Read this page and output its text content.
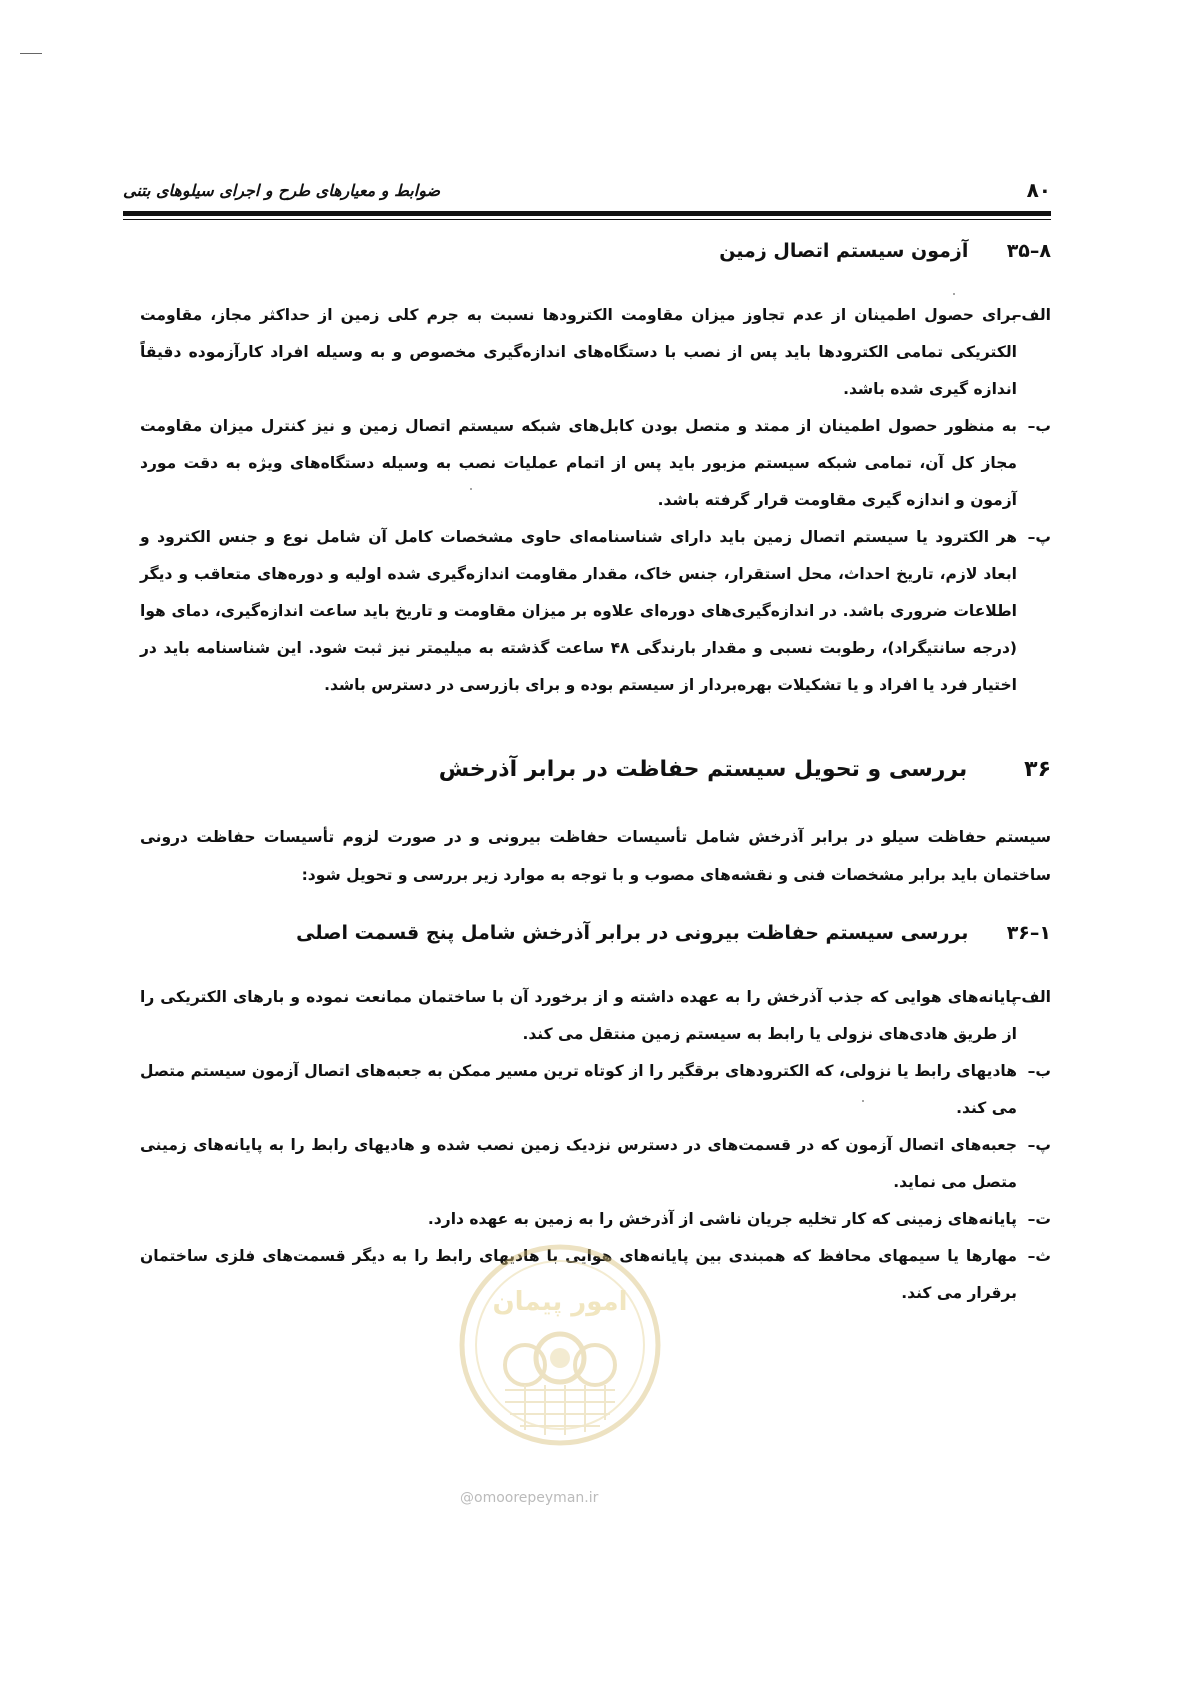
۸۰
ضوابط و معیارهای طرح و اجرای سیلوهای بتنی
۸–۳۵ آزمون سیستم اتصال زمین
الف–
برای حصول اطمینان از عدم تجاوز میزان مقاومت الکترودها نسبت به جرم کلی زمین از حداکثر مجاز، مقاومت الکتریکی تمامی الکترودها باید پس از نصب با دستگاه‌های اندازه‌گیری مخصوص و به وسیله افراد کارآزموده دقیقاً اندازه گیری شده باشد.
ب–
به منظور حصول اطمینان از ممتد و متصل بودن کابل‌های شبکه سیستم اتصال زمین و نیز کنترل میزان مقاومت مجاز کل آن، تمامی شبکه سیستم مزبور باید پس از اتمام عملیات نصب به وسیله دستگاه‌های ویژه به دقت مورد آزمون و اندازه گیری مقاومت قرار گرفته باشد.
پ–
هر الکترود یا سیستم اتصال زمین باید دارای شناسنامه‌ای حاوی مشخصات کامل آن شامل نوع و جنس الکترود و ابعاد لازم، تاریخ احداث، محل استقرار، جنس خاک، مقدار مقاومت اندازه‌گیری شده اولیه و دوره‌های متعاقب و دیگر اطلاعات ضروری باشد. در اندازه‌گیری‌های دوره‌ای علاوه بر میزان مقاومت و تاریخ باید ساعت اندازه‌گیری، دمای هوا (درجه سانتیگراد)، رطوبت نسبی و مقدار بارندگی ۴۸ ساعت گذشته به میلیمتر نیز ثبت شود. این شناسنامه باید در اختیار فرد یا افراد و یا تشکیلات بهره‌بردار از سیستم بوده و برای بازرسی در دسترس باشد.
۳۶ بررسی و تحویل سیستم حفاظت در برابر آذرخش
سیستم حفاظت سیلو در برابر آذرخش شامل تأسیسات حفاظت بیرونی و در صورت لزوم تأسیسات حفاظت درونی ساختمان باید برابر مشخصات فنی و نقشه‌های مصوب و با توجه به موارد زیر بررسی و تحویل شود:
۱–۳۶ بررسی سیستم حفاظت بیرونی در برابر آذرخش شامل پنج قسمت اصلی
الف–
پایانه‌های هوایی که جذب آذرخش را به عهده داشته و از برخورد آن با ساختمان ممانعت نموده و بارهای الکتریکی را از طریق هادی‌های نزولی یا رابط به سیستم زمین منتقل می کند.
ب–
هادیهای رابط یا نزولی، که الکترودهای برقگیر را از کوتاه ترین مسیر ممکن به جعبه‌های اتصال آزمون سیستم متصل می کند.
پ–
جعبه‌های اتصال آزمون که در قسمت‌های در دسترس نزدیک زمین نصب شده و هادیهای رابط را به پایانه‌های زمینی متصل می نماید.
ت–
پایانه‌های زمینی که کار تخلیه جریان ناشی از آذرخش را به زمین به عهده دارد.
ث–
مهارها یا سیمهای محافظ که همبندی بین پایانه‌های هوایی با هادیهای رابط را به دیگر قسمت‌های فلزی ساختمان برقرار می کند.
امور پیمان
@omoorepeyman.ir
